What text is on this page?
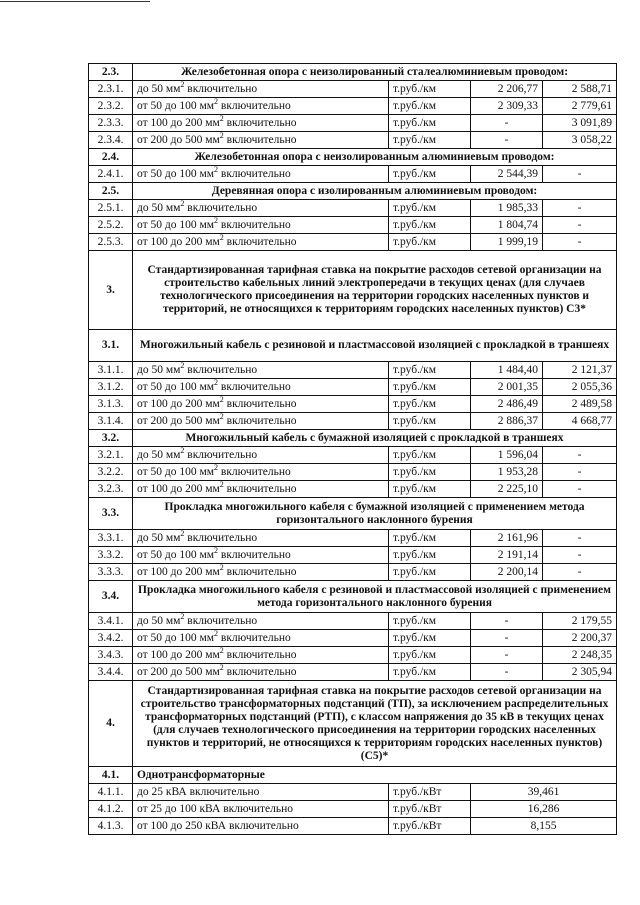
2.3.	Железобетонная опора с неизолированный сталеалюминиевым проводом:			
2.3.1.	до 50 $мм^2$ включительно	т.руб./км	2 206,77	2 588,71
2.3.2.	от 50 до 100 $мм^2$ включительно	т.руб./км	2 309,33	2 779,61
2.3.3.	от 100 до 200 $мм^2$ включительно	т.руб./км	-	3 091,89
2.3.4.	от 200 до 500 $мм^2$ включительно	т.руб./км	-	3 058,22
2.4.	Железобетонная опора с неизолированным алюминиевым проводом:			
2.4.1.	от 50 до 100 $мм^2$ включительно	т.руб./км	2 544,39	-
2.5.	Деревянная опора с изолированным алюминиевым проводом:			
2.5.1.	до 50 $мм^2$ включительно	т.руб./км	1 985,33	-
2.5.2.	от 50 до 100 $мм^2$ включительно	т.руб./км	1 804,74	-
2.5.3.	от 100 до 200 $мм^2$ включительно	т.руб./км	1 999,19	-
3.	Стандартизированная тарифная ставка на покрытие расходов сетевой организации на строительство кабельных линий электропередачи в текущих ценах (для случаев технологического присоединения на территории городских населенных пунктов и территорий, не относящихся к территориям городских населенных пунктов) С3*			
3.1.	Многожильный кабель с резиновой и пластмассовой изоляцией с прокладкой в траншеях			
3.1.1.	до 50 $мм^2$ включительно	т.руб./км	1 484,40	2 121,37
3.1.2.	от 50 до 100 $мм^2$ включительно	т.руб./км	2 001,35	2 055,36
3.1.3.	от 100 до 200 $мм^2$ включительно	т.руб./км	2 486,49	2 489,58
3.1.4.	от 200 до 500 $мм^2$ включительно	т.руб./км	2 886,37	4 668,77
3.2.	Многожильный кабель с бумажной изоляцией с прокладкой в траншеях			
3.2.1.	до 50 $мм^2$ включительно	т.руб./км	1 596,04	-
3.2.2.	от 50 до 100 $мм^2$ включительно	т.руб./км	1 953,28	-
3.2.3.	от 100 до 200 $мм^2$ включительно	т.руб./км	2 225,10	-
3.3.	Прокладка многожильного кабеля с бумажной изоляцией с применением метода горизонтального наклонного бурения			
3.3.1.	до 50 $мм^2$ включительно	т.руб./км	2 161,96	-
3.3.2.	от 50 до 100 $мм^2$ включительно	т.руб./км	2 191,14	-
3.3.3.	от 100 до 200 $мм^2$ включительно	т.руб./км	2 200,14	-
3.4.	Прокладка многожильного кабеля с резиновой и пластмассовой изоляцией с применением метода горизонтального наклонного бурения			
3.4.1.	до 50 $мм^2$ включительно	т.руб./км	-	2 179,55
3.4.2.	от 50 до 100 $мм^2$ включительно	т.руб./км	-	2 200,37
3.4.3.	от 100 до 200 $мм^2$ включительно	т.руб./км	-	2 248,35
3.4.4.	от 200 до 500 $мм^2$ включительно	т.руб./км	-	2 305,94
4.	Стандартизированная тарифная ставка на покрытие расходов сетевой организации на строительство трансформаторных подстанций (ТП), за исключением распределительных трансформаторных подстанций (РТП), с классом напряжения до 35 кВ в текущих ценах (для случаев технологического присоединения на территории городских населенных пунктов и территорий, не относящихся к территориям городских населенных пунктов) (С5)*			
4.1.	Однотрансформаторные			
4.1.1.	до 25 кВА включительно	т.руб./кВт	39,461	
4.1.2.	от 25 до 100 кВА включительно	т.руб./кВт	16,286	
4.1.3.	от 100 до 250 кВА включительно	т.руб./кВт	8,155	
